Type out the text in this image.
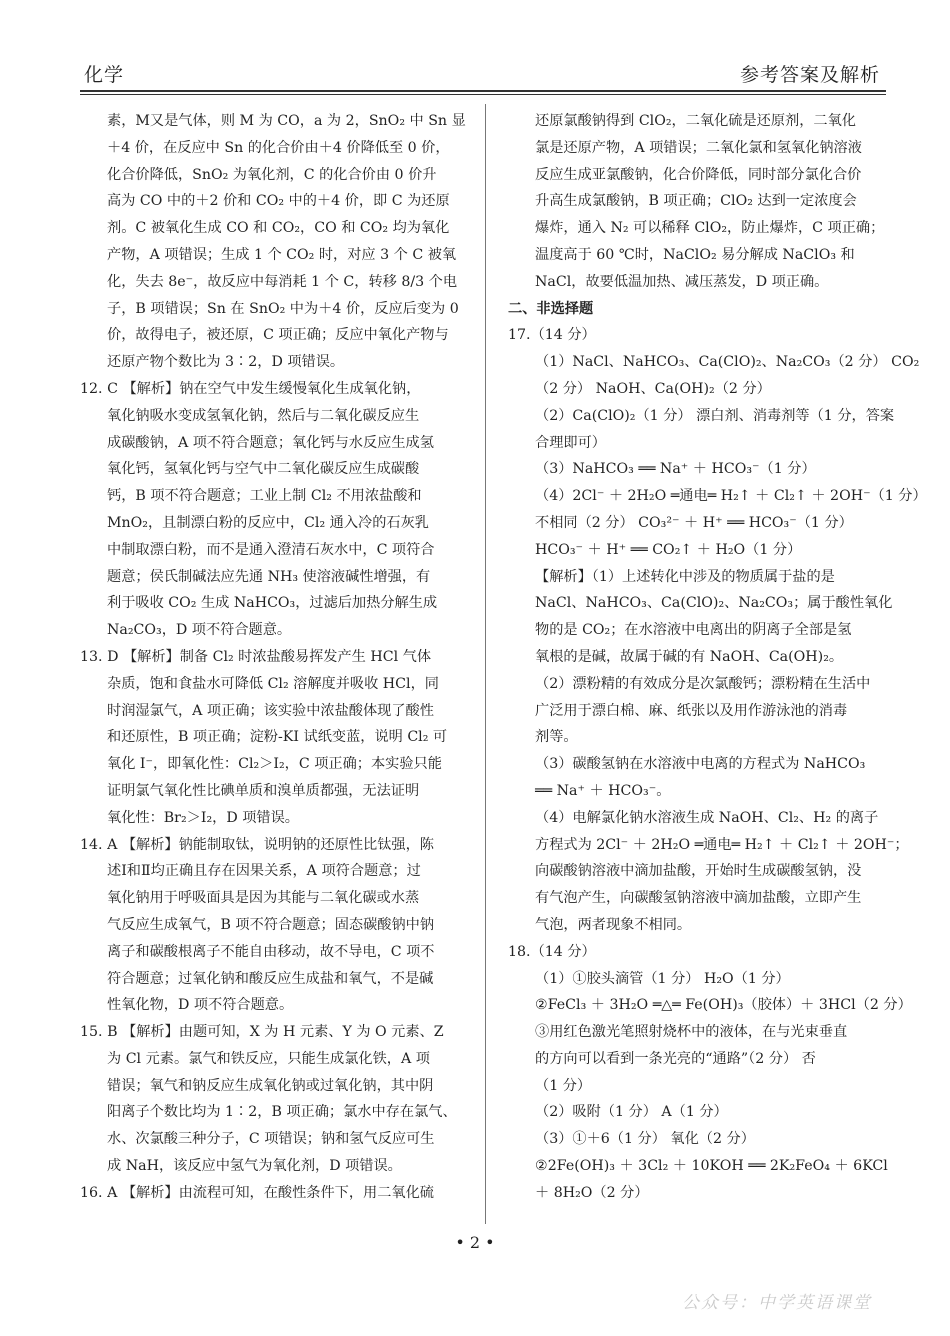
化学	参考答案及解析
素，M又是气体，则 M 为 CO，a 为 2，SnO₂ 中 Sn 显
＋4 价，在反应中 Sn 的化合价由＋4 价降低至 0 价，
化合价降低，SnO₂ 为氧化剂，C 的化合价由 0 价升
高为 CO 中的＋2 价和 CO₂ 中的＋4 价，即 C 为还原
剂。C 被氧化生成 CO 和 CO₂，CO 和 CO₂ 均为氧化
产物，A 项错误；生成 1 个 CO₂ 时，对应 3 个 C 被氧
化，失去 8e⁻，故反应中每消耗 1 个 C，转移 8/3 个电
子，B 项错误；Sn 在 SnO₂ 中为＋4 价，反应后变为 0
价，故得电子，被还原，C 项正确；反应中氧化产物与
还原产物个数比为 3∶2，D 项错误。
12. C 【解析】钠在空气中发生缓慢氧化生成氧化钠，
氧化钠吸水变成氢氧化钠，然后与二氧化碳反应生
成碳酸钠，A 项不符合题意；氧化钙与水反应生成氢
氧化钙，氢氧化钙与空气中二氧化碳反应生成碳酸
钙，B 项不符合题意；工业上制 Cl₂ 不用浓盐酸和
MnO₂，且制漂白粉的反应中，Cl₂ 通入冷的石灰乳
中制取漂白粉，而不是通入澄清石灰水中，C 项符合
题意；侯氏制碱法应先通 NH₃ 使溶液碱性增强，有
利于吸收 CO₂ 生成 NaHCO₃，过滤后加热分解生成
Na₂CO₃，D 项不符合题意。
13. D 【解析】制备 Cl₂ 时浓盐酸易挥发产生 HCl 气体
杂质，饱和食盐水可降低 Cl₂ 溶解度并吸收 HCl，同
时润湿氯气，A 项正确；该实验中浓盐酸体现了酸性
和还原性，B 项正确；淀粉-KI 试纸变蓝，说明 Cl₂ 可
氧化 I⁻，即氧化性：Cl₂＞I₂，C 项正确；本实验只能
证明氯气氧化性比碘单质和溴单质都强，无法证明
氧化性：Br₂＞I₂，D 项错误。
14. A 【解析】钠能制取钛，说明钠的还原性比钛强，陈
述Ⅰ和Ⅱ均正确且存在因果关系，A 项符合题意；过
氧化钠用于呼吸面具是因为其能与二氧化碳或水蒸
气反应生成氧气，B 项不符合题意；固态碳酸钠中钠
离子和碳酸根离子不能自由移动，故不导电，C 项不
符合题意；过氧化钠和酸反应生成盐和氧气，不是碱
性氧化物，D 项不符合题意。
15. B 【解析】由题可知，X 为 H 元素、Y 为 O 元素、Z
为 Cl 元素。氯气和铁反应，只能生成氯化铁，A 项
错误；氧气和钠反应生成氧化钠或过氧化钠，其中阴
阳离子个数比均为 1∶2，B 项正确；氯水中存在氯气、
水、次氯酸三种分子，C 项错误；钠和氢气反应可生
成 NaH，该反应中氢气为氧化剂，D 项错误。
16. A 【解析】由流程可知，在酸性条件下，用二氧化硫
还原氯酸钠得到 ClO₂，二氧化硫是还原剂，二氧化
氯是还原产物，A 项错误；二氧化氯和氢氧化钠溶液
反应生成亚氯酸钠，化合价降低，同时部分氯化合价
升高生成氯酸钠，B 项正确；ClO₂ 达到一定浓度会
爆炸，通入 N₂ 可以稀释 ClO₂，防止爆炸，C 项正确；
温度高于 60 ℃时，NaClO₂ 易分解成 NaClO₃ 和
NaCl，故要低温加热、减压蒸发，D 项正确。
二、非选择题
17.（14 分）
（1）NaCl、NaHCO₃、Ca(ClO)₂、Na₂CO₃（2 分） CO₂
（2 分） NaOH、Ca(OH)₂（2 分）
（2）Ca(ClO)₂（1 分） 漂白剂、消毒剂等（1 分，答案
合理即可）
（3）NaHCO₃ ══ Na⁺ ＋ HCO₃⁻（1 分）
（4）2Cl⁻ ＋ 2H₂O ═通电═ H₂↑ ＋ Cl₂↑ ＋ 2OH⁻（1 分）
不相同（2 分） CO₃²⁻ ＋ H⁺ ══ HCO₃⁻（1 分）
HCO₃⁻ ＋ H⁺ ══ CO₂↑ ＋ H₂O（1 分）
【解析】（1）上述转化中涉及的物质属于盐的是
NaCl、NaHCO₃、Ca(ClO)₂、Na₂CO₃；属于酸性氧化
物的是 CO₂；在水溶液中电离出的阴离子全部是氢
氧根的是碱，故属于碱的有 NaOH、Ca(OH)₂。
（2）漂粉精的有效成分是次氯酸钙；漂粉精在生活中
广泛用于漂白棉、麻、纸张以及用作游泳池的消毒
剂等。
（3）碳酸氢钠在水溶液中电离的方程式为 NaHCO₃
══ Na⁺ ＋ HCO₃⁻。
（4）电解氯化钠水溶液生成 NaOH、Cl₂、H₂ 的离子
方程式为 2Cl⁻ ＋ 2H₂O ═通电═ H₂↑ ＋ Cl₂↑ ＋ 2OH⁻；
向碳酸钠溶液中滴加盐酸，开始时生成碳酸氢钠，没
有气泡产生，向碳酸氢钠溶液中滴加盐酸，立即产生
气泡，两者现象不相同。
18.（14 分）
（1）①胶头滴管（1 分） H₂O（1 分）
②FeCl₃ ＋ 3H₂O ═△═ Fe(OH)₃（胶体）＋ 3HCl（2 分）
③用红色激光笔照射烧杯中的液体，在与光束垂直
的方向可以看到一条光亮的“通路”（2 分） 否
（1 分）
（2）吸附（1 分） A（1 分）
（3）①＋6（1 分） 氧化（2 分）
②2Fe(OH)₃ ＋ 3Cl₂ ＋ 10KOH ══ 2K₂FeO₄ ＋ 6KCl
＋ 8H₂O（2 分）
• 2 •
公众号：中学英语课堂
